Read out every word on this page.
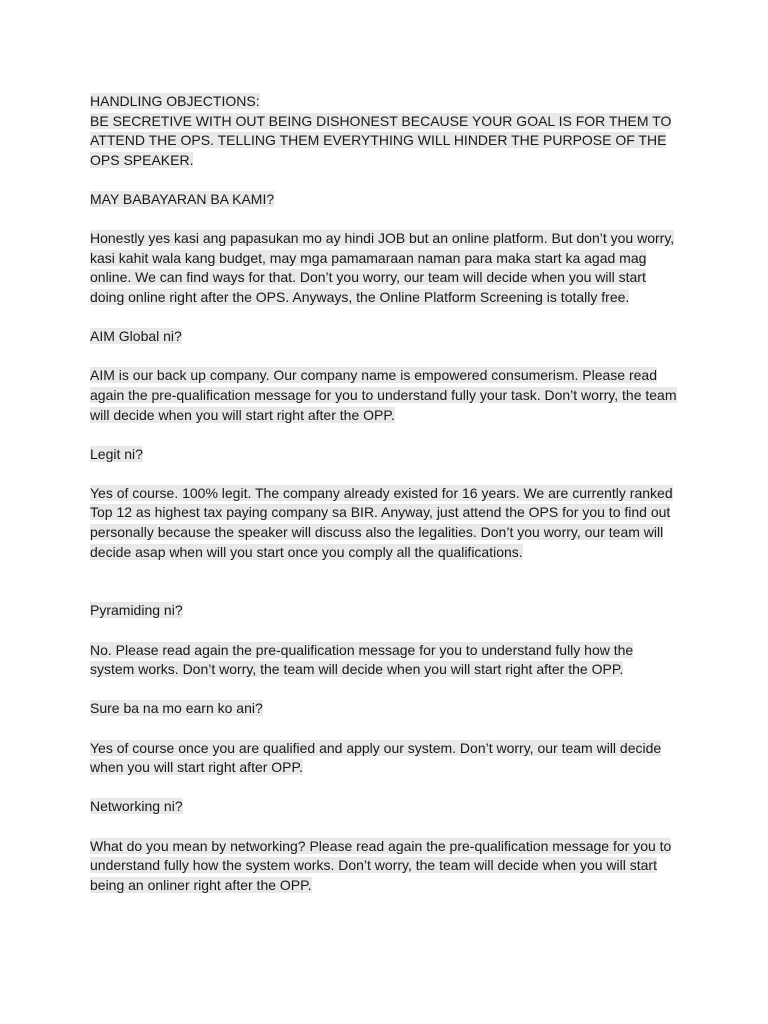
HANDLING OBJECTIONS:

BE SECRETIVE WITH OUT BEING DISHONEST BECAUSE YOUR GOAL IS FOR THEM TO ATTEND THE OPS. TELLING THEM EVERYTHING WILL HINDER THE PURPOSE OF THE OPS SPEAKER.

MAY BABAYARAN BA KAMI?

Honestly yes kasi ang papasukan mo ay hindi JOB but an online platform. But don’t you worry, kasi kahit wala kang budget, may mga pamamaraan naman para maka start ka agad mag online. We can find ways for that. Don’t you worry, our team will decide when you will start doing online right after the OPS. Anyways, the Online Platform Screening is totally free.

AIM Global ni?

AIM is our back up company. Our company name is empowered consumerism. Please read again the pre-qualification message for you to understand fully your task. Don’t worry, the team will decide when you will start right after the OPP.

Legit ni?

Yes of course. 100% legit. The company already existed for 16 years. We are currently ranked Top 12 as highest tax paying company sa BIR. Anyway, just attend the OPS for you to find out personally because the speaker will discuss also the legalities. Don’t you worry, our team will decide asap when will you start once you comply all the qualifications.

Pyramiding ni?

No. Please read again the pre-qualification message for you to understand fully how the system works. Don’t worry, the team will decide when you will start right after the OPP.

Sure ba na mo earn ko ani?

Yes of course once you are qualified and apply our system. Don’t worry, our team will decide when you will start right after OPP.

Networking ni?

What do you mean by networking? Please read again the pre-qualification message for you to understand fully how the system works. Don’t worry, the team will decide when you will start being an onliner right after the OPP.
